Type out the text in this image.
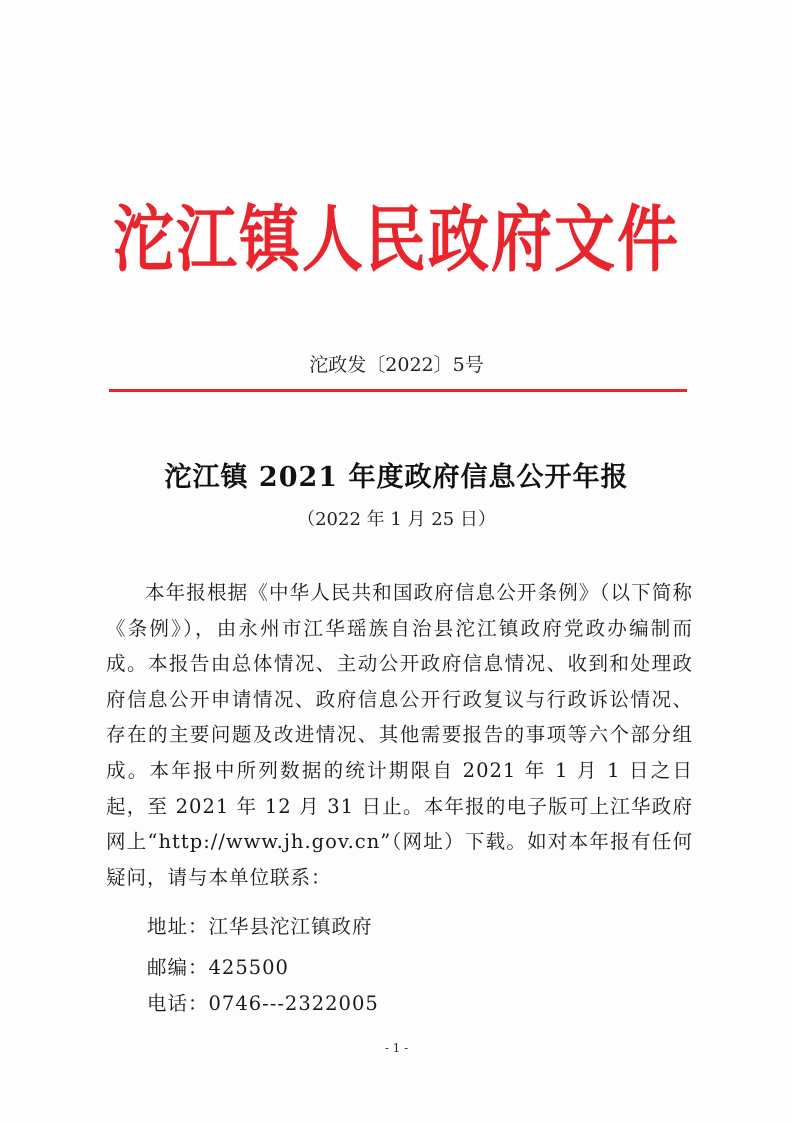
沱江镇人民政府文件
沱政发〔2022〕5号
沱江镇 2021 年度政府信息公开年报
（2022 年 1 月 25 日）

本年报根据《中华人民共和国政府信息公开条例》（以下简称《条例》），由永州市江华瑶族自治县沱江镇政府党政办编制而成。本报告由总体情况、主动公开政府信息情况、收到和处理政府信息公开申请情况、政府信息公开行政复议与行政诉讼情况、存在的主要问题及改进情况、其他需要报告的事项等六个部分组成。本年报中所列数据的统计期限自 2021 年 1 月 1 日之日起，至 2021 年 12 月 31 日止。本年报的电子版可上江华政府网上“http://www.jh.gov.cn”（网址）下载。如对本年报有任何疑问，请与本单位联系：

地址：江华县沱江镇政府
邮编：425500
电话：0746---2322005
- 1 -
